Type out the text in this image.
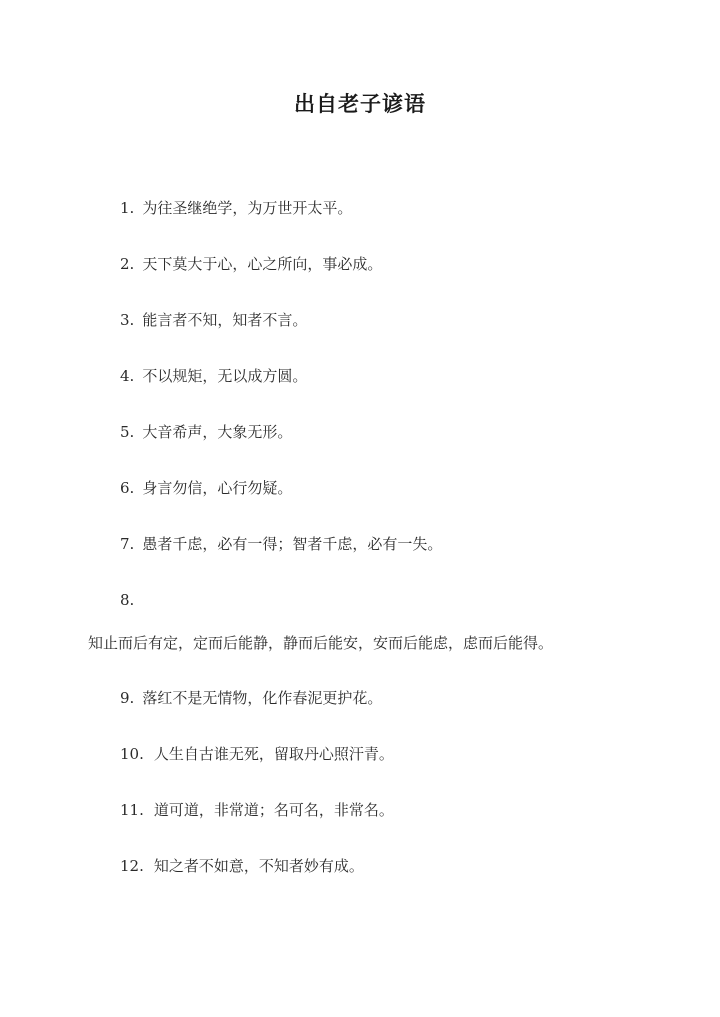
出自老子谚语
1. 为往圣继绝学，为万世开太平。
2. 天下莫大于心，心之所向，事必成。
3. 能言者不知，知者不言。
4. 不以规矩，无以成方圆。
5. 大音希声，大象无形。
6. 身言勿信，心行勿疑。
7. 愚者千虑，必有一得；智者千虑，必有一失。
8.
知止而后有定，定而后能静，静而后能安，安而后能虑，虑而后能得。
9. 落红不是无情物，化作春泥更护花。
10. 人生自古谁无死，留取丹心照汗青。
11. 道可道，非常道；名可名，非常名。
12. 知之者不如意，不知者妙有成。
